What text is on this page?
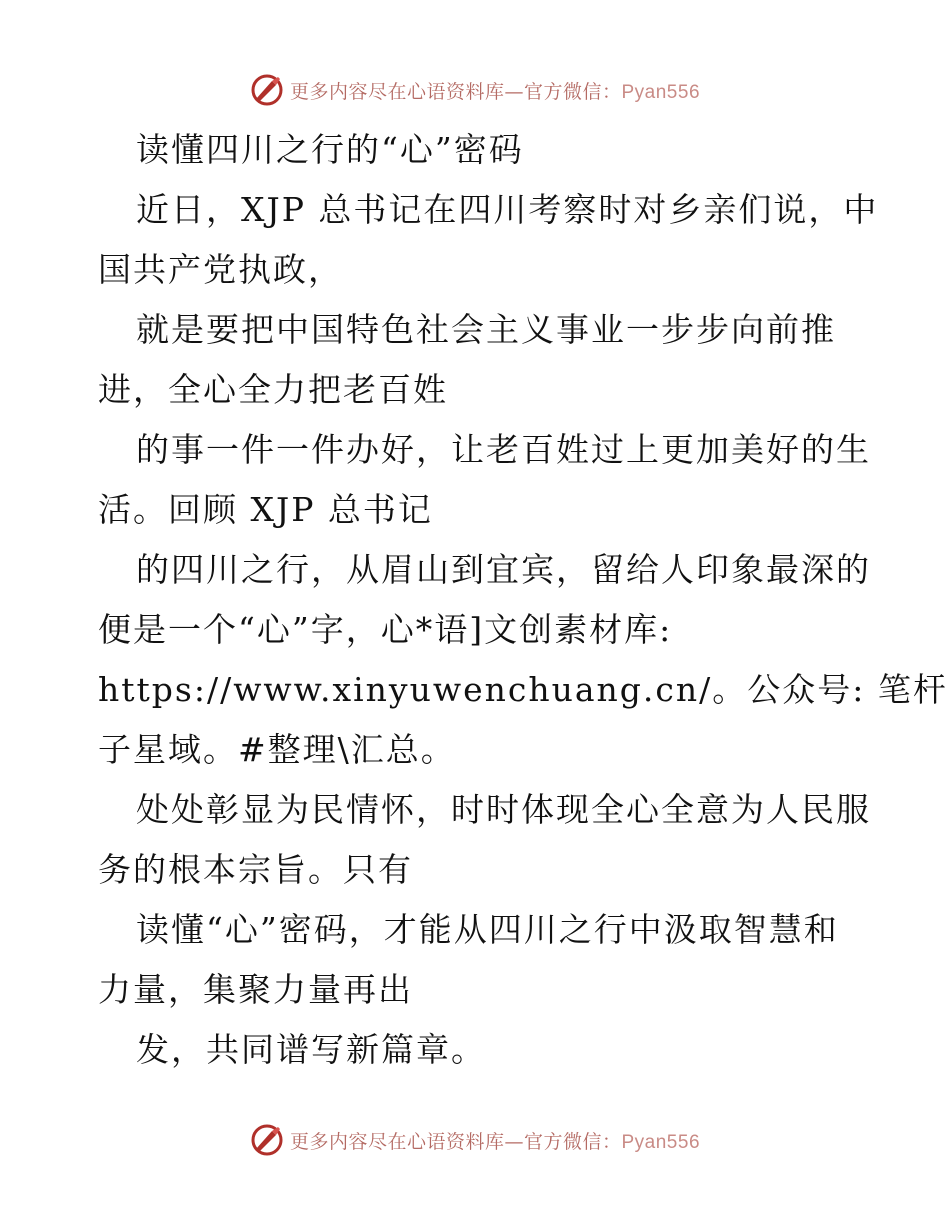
更多内容尽在心语资料库—官方微信：Pyan556

读懂四川之行的“心”密码

近日，XJP 总书记在四川考察时对乡亲们说，中

国共产党执政，

就是要把中国特色社会主义事业一步步向前推

进，全心全力把老百姓

的事一件一件办好，让老百姓过上更加美好的生

活。回顾 XJP 总书记

的四川之行，从眉山到宜宾，留给人印象最深的

便是一个“心”字，心*语]文创素材库:

https://www.xinyuwenchuang.cn/。公众号: 笔杆

子星域。#整理\汇总。

处处彰显为民情怀，时时体现全心全意为人民服

务的根本宗旨。只有

读懂“心”密码，才能从四川之行中汲取智慧和

力量，集聚力量再出

发，共同谱写新篇章。

更多内容尽在心语资料库—官方微信：Pyan556
